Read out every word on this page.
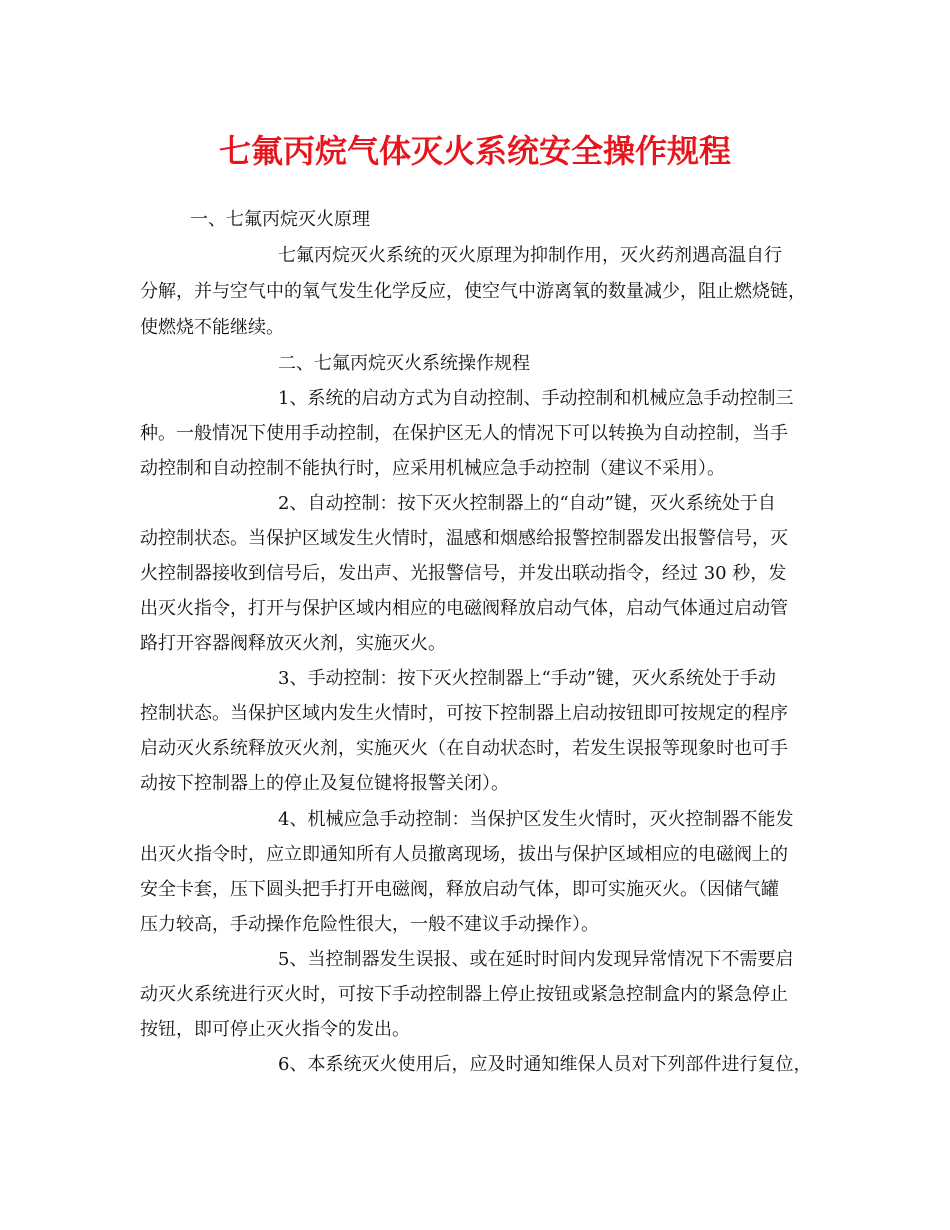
七氟丙烷气体灭火系统安全操作规程
一、七氟丙烷灭火原理
七氟丙烷灭火系统的灭火原理为抑制作用，灭火药剂遇高温自行
分解，并与空气中的氧气发生化学反应，使空气中游离氧的数量减少，阻止燃烧链，
使燃烧不能继续。
二、七氟丙烷灭火系统操作规程
1、系统的启动方式为自动控制、手动控制和机械应急手动控制三
种。一般情况下使用手动控制，在保护区无人的情况下可以转换为自动控制，当手
动控制和自动控制不能执行时，应采用机械应急手动控制（建议不采用）。
2、自动控制：按下灭火控制器上的“自动”键，灭火系统处于自
动控制状态。当保护区域发生火情时，温感和烟感给报警控制器发出报警信号，灭
火控制器接收到信号后，发出声、光报警信号，并发出联动指令，经过 30 秒，发
出灭火指令，打开与保护区域内相应的电磁阀释放启动气体，启动气体通过启动管
路打开容器阀释放灭火剂，实施灭火。
3、手动控制：按下灭火控制器上“手动”键，灭火系统处于手动
控制状态。当保护区域内发生火情时，可按下控制器上启动按钮即可按规定的程序
启动灭火系统释放灭火剂，实施灭火（在自动状态时，若发生误报等现象时也可手
动按下控制器上的停止及复位键将报警关闭）。
4、机械应急手动控制：当保护区发生火情时，灭火控制器不能发
出灭火指令时，应立即通知所有人员撤离现场，拔出与保护区域相应的电磁阀上的
安全卡套，压下圆头把手打开电磁阀，释放启动气体，即可实施灭火。（因储气罐
压力较高，手动操作危险性很大，一般不建议手动操作）。
5、当控制器发生误报、或在延时时间内发现异常情况下不需要启
动灭火系统进行灭火时，可按下手动控制器上停止按钮或紧急控制盒内的紧急停止
按钮，即可停止灭火指令的发出。
6、本系统灭火使用后，应及时通知维保人员对下列部件进行复位，
